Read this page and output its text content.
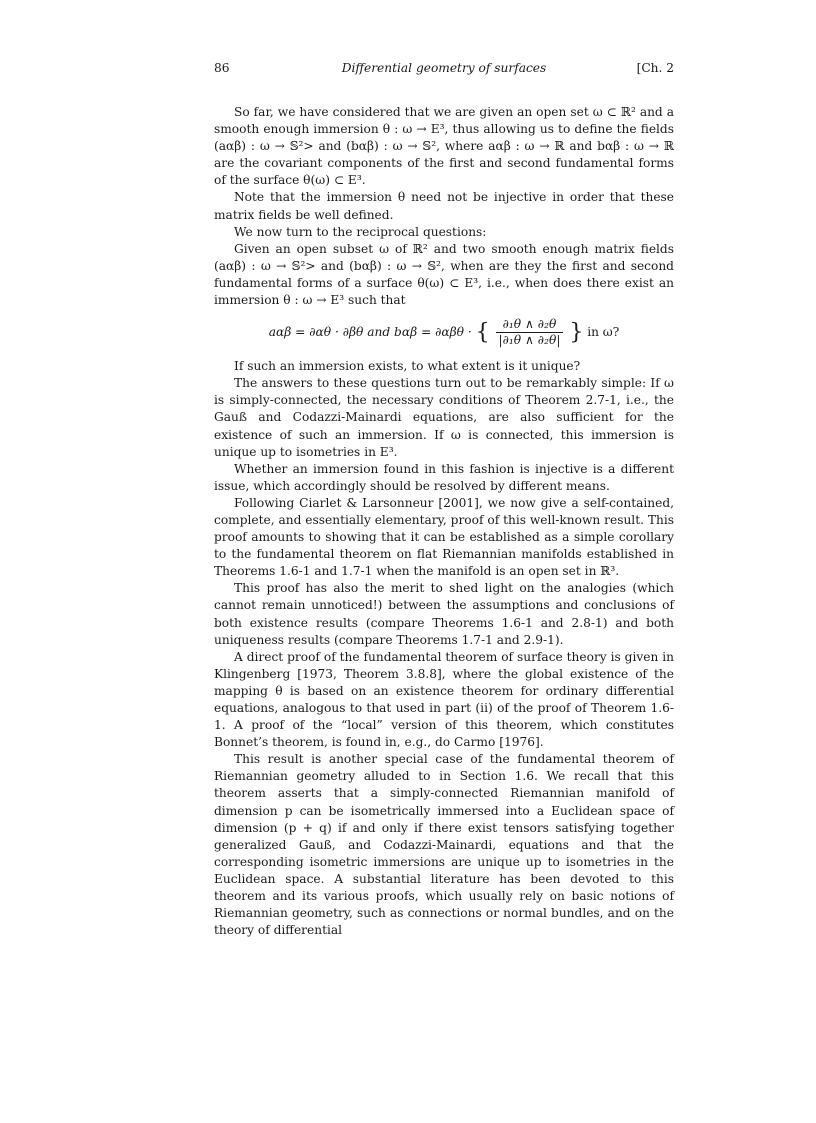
86	Differential geometry of surfaces	[Ch. 2

So far, we have considered that we are given an open set ω ⊂ ℝ² and a smooth enough immersion θ : ω → E³, thus allowing us to define the fields (aαβ) : ω → 𝕊²> and (bαβ) : ω → 𝕊², where aαβ : ω → ℝ and bαβ : ω → ℝ are the covariant components of the first and second fundamental forms of the surface θ(ω) ⊂ E³.

Note that the immersion θ need not be injective in order that these matrix fields be well defined.

We now turn to the reciprocal questions:

Given an open subset ω of ℝ² and two smooth enough matrix fields (aαβ) : ω → 𝕊²> and (bαβ) : ω → 𝕊², when are they the first and second fundamental forms of a surface θ(ω) ⊂ E³, i.e., when does there exist an immersion θ : ω → E³ such that

aαβ = ∂αθ · ∂βθ and bαβ = ∂αβθ · { $\frac{\text{∂₁θ ∧ ∂₂θ}}{\text{|∂₁θ ∧ ∂₂θ|}}$ } in ω?

If such an immersion exists, to what extent is it unique?

The answers to these questions turn out to be remarkably simple: If ω is simply-connected, the necessary conditions of Theorem 2.7-1, i.e., the Gauß and Codazzi-Mainardi equations, are also sufficient for the existence of such an immersion. If ω is connected, this immersion is unique up to isometries in E³.

Whether an immersion found in this fashion is injective is a different issue, which accordingly should be resolved by different means.

Following Ciarlet & Larsonneur [2001], we now give a self-contained, complete, and essentially elementary, proof of this well-known result. This proof amounts to showing that it can be established as a simple corollary to the fundamental theorem on flat Riemannian manifolds established in Theorems 1.6-1 and 1.7-1 when the manifold is an open set in ℝ³.

This proof has also the merit to shed light on the analogies (which cannot remain unnoticed!) between the assumptions and conclusions of both existence results (compare Theorems 1.6-1 and 2.8-1) and both uniqueness results (compare Theorems 1.7-1 and 2.9-1).

A direct proof of the fundamental theorem of surface theory is given in Klingenberg [1973, Theorem 3.8.8], where the global existence of the mapping θ is based on an existence theorem for ordinary differential equations, analogous to that used in part (ii) of the proof of Theorem 1.6-1. A proof of the “local” version of this theorem, which constitutes Bonnet’s theorem, is found in, e.g., do Carmo [1976].

This result is another special case of the fundamental theorem of Riemannian geometry alluded to in Section 1.6. We recall that this theorem asserts that a simply-connected Riemannian manifold of dimension p can be isometrically immersed into a Euclidean space of dimension (p + q) if and only if there exist tensors satisfying together generalized Gauß, and Codazzi-Mainardi, equations and that the corresponding isometric immersions are unique up to isometries in the Euclidean space. A substantial literature has been devoted to this theorem and its various proofs, which usually rely on basic notions of Riemannian geometry, such as connections or normal bundles, and on the theory of differential
